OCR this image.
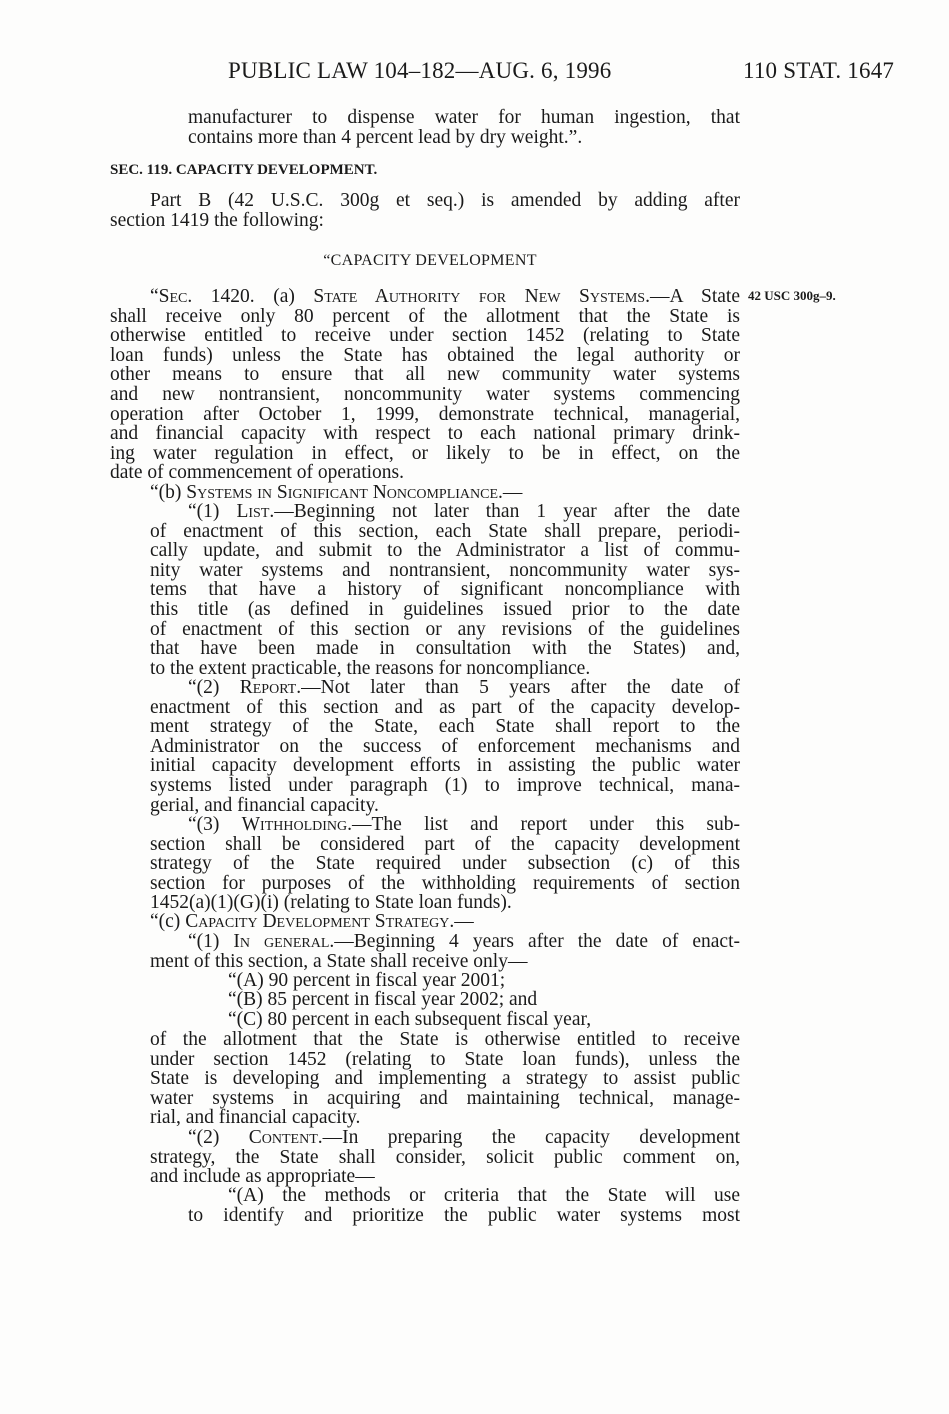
PUBLIC LAW 104–182—AUG. 6, 1996	110 STAT. 1647
SEC. 119. CAPACITY DEVELOPMENT.
“CAPACITY DEVELOPMENT
42 USC 300g–9.
manufacturer to dispense water for human ingestion, that
contains more than 4 percent lead by dry weight.”.
Part B (42 U.S.C. 300g et seq.) is amended by adding after
section 1419 the following:
“Sec. 1420. (a) State Authority for New Systems.—A State
shall receive only 80 percent of the allotment that the State is
otherwise entitled to receive under section 1452 (relating to State
loan funds) unless the State has obtained the legal authority or
other means to ensure that all new community water systems
and new nontransient, noncommunity water systems commencing
operation after October 1, 1999, demonstrate technical, managerial,
and financial capacity with respect to each national primary drink-
ing water regulation in effect, or likely to be in effect, on the
date of commencement of operations.
“(b) Systems in Significant Noncompliance.—
“(1) List.—Beginning not later than 1 year after the date
of enactment of this section, each State shall prepare, periodi-
cally update, and submit to the Administrator a list of commu-
nity water systems and nontransient, noncommunity water sys-
tems that have a history of significant noncompliance with
this title (as defined in guidelines issued prior to the date
of enactment of this section or any revisions of the guidelines
that have been made in consultation with the States) and,
to the extent practicable, the reasons for noncompliance.
“(2) Report.—Not later than 5 years after the date of
enactment of this section and as part of the capacity develop-
ment strategy of the State, each State shall report to the
Administrator on the success of enforcement mechanisms and
initial capacity development efforts in assisting the public water
systems listed under paragraph (1) to improve technical, mana-
gerial, and financial capacity.
“(3) Withholding.—The list and report under this sub-
section shall be considered part of the capacity development
strategy of the State required under subsection (c) of this
section for purposes of the withholding requirements of section
1452(a)(1)(G)(i) (relating to State loan funds).
“(c) Capacity Development Strategy.—
“(1) In general.—Beginning 4 years after the date of enact-
ment of this section, a State shall receive only—
“(A) 90 percent in fiscal year 2001;
“(B) 85 percent in fiscal year 2002; and
“(C) 80 percent in each subsequent fiscal year,
of the allotment that the State is otherwise entitled to receive
under section 1452 (relating to State loan funds), unless the
State is developing and implementing a strategy to assist public
water systems in acquiring and maintaining technical, manage-
rial, and financial capacity.
“(2) Content.—In preparing the capacity development
strategy, the State shall consider, solicit public comment on,
and include as appropriate—
“(A) the methods or criteria that the State will use
to identify and prioritize the public water systems most
